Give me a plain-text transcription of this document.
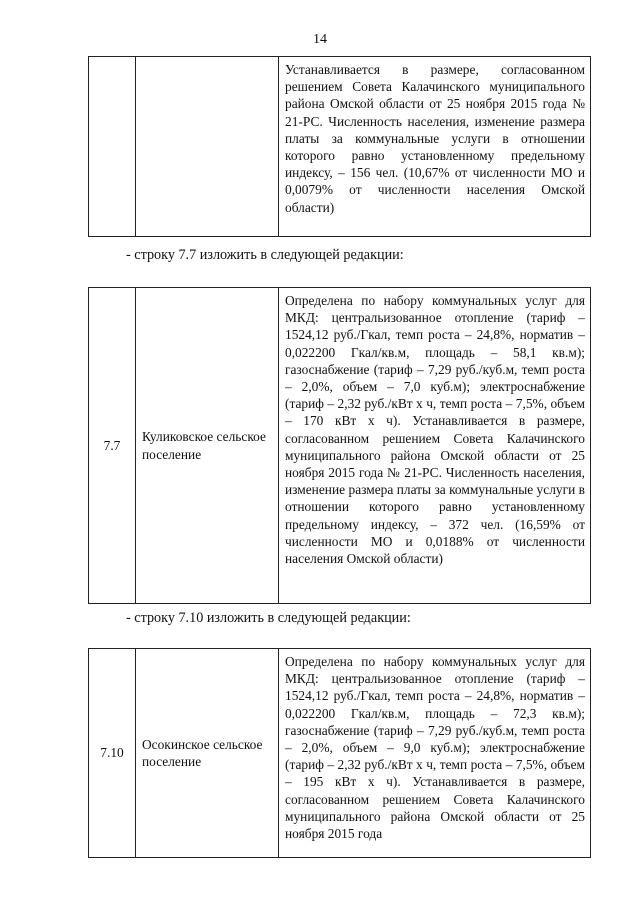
14
		Устанавливается в размере, согласованном решением Совета Калачинского муниципального района Омской области от 25 ноября 2015 года № 21-РС. Численность населения, изменение размера платы за коммунальные услуги в отношении которого равно установленному предельному индексу, – 156 чел. (10,67% от численности МО и 0,0079% от численности населения Омской области)
- строку 7.7 изложить в следующей редакции:
7.7	Куликовское сельское поселение	Определена по набору коммунальных услуг для МКД: центральизованное отопление (тариф – 1524,12 руб./Гкал, темп роста – 24,8%, норматив – 0,022200 Гкал/кв.м, площадь – 58,1 кв.м); газоснабжение (тариф – 7,29 руб./куб.м, темп роста – 2,0%, объем – 7,0 куб.м); электроснабжение (тариф – 2,32 руб./кВт х ч, темп роста – 7,5%, объем – 170 кВт х ч). Устанавливается в размере, согласованном решением Совета Калачинского муниципального района Омской области от 25 ноября 2015 года № 21-РС. Численность населения, изменение размера платы за коммунальные услуги в отношении которого равно установленному предельному индексу, – 372 чел. (16,59% от численности МО и 0,0188% от численности населения Омской области)
- строку 7.10 изложить в следующей редакции:
7.10	Осокинское сельское поселение	Определена по набору коммунальных услуг для МКД: центральизованное отопление (тариф – 1524,12 руб./Гкал, темп роста – 24,8%, норматив – 0,022200 Гкал/кв.м, площадь – 72,3 кв.м); газоснабжение (тариф – 7,29 руб./куб.м, темп роста – 2,0%, объем – 9,0 куб.м); электроснабжение (тариф – 2,32 руб./кВт х ч, темп роста – 7,5%, объем – 195 кВт х ч). Устанавливается в размере, согласованном решением Совета Калачинского муниципального района Омской области от 25 ноября 2015 года
